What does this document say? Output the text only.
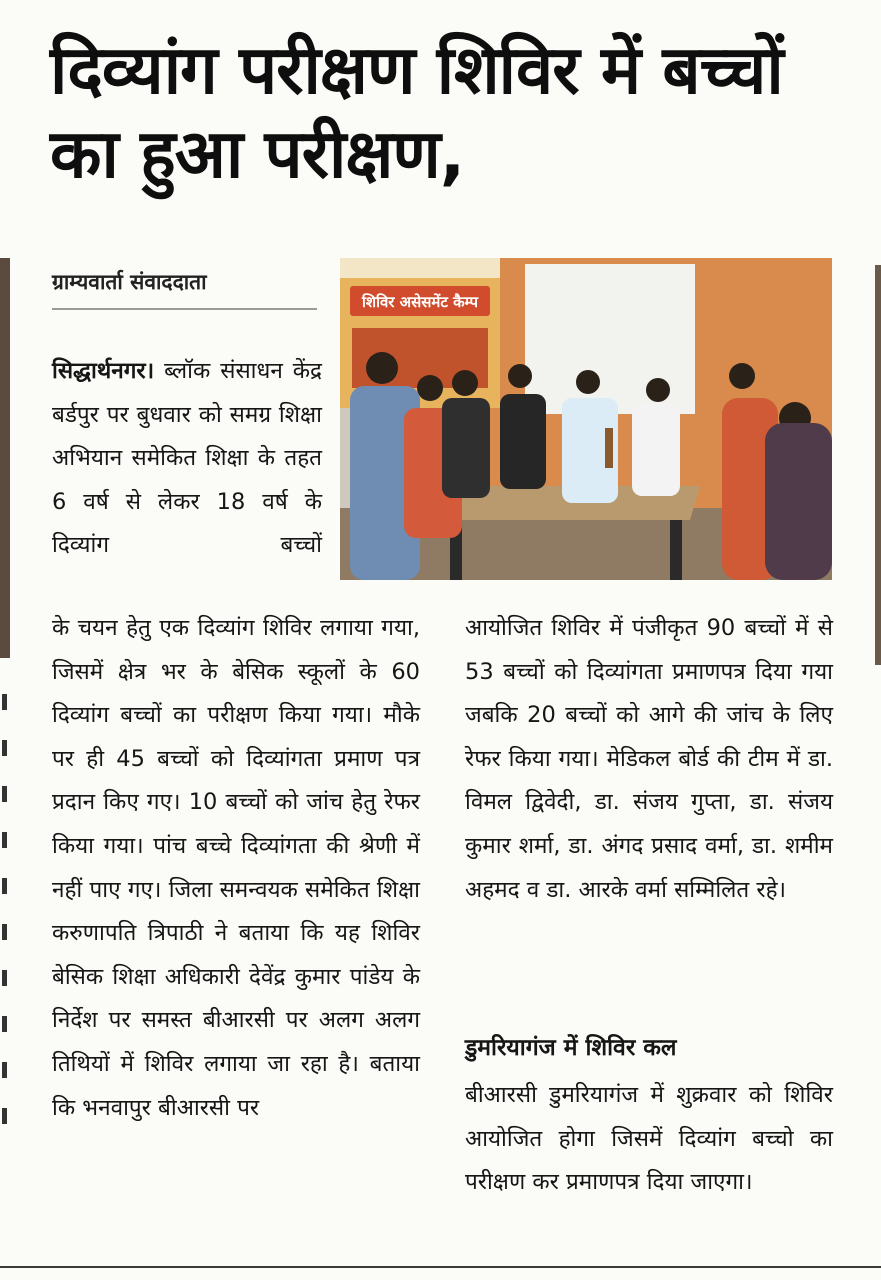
दिव्यांग परीक्षण शिविर में बच्चों का हुआ परीक्षण,
ग्राम्यवार्ता संवाददाता
शिविर असेसमेंट कैम्प

सिद्धार्थनगर। ब्लॉक संसाधन केंद्र बर्डपुर पर बुधवार को समग्र शिक्षा अभियान समेकित शिक्षा के तहत 6 वर्ष से लेकर 18 वर्ष के दिव्यांग बच्चों

के चयन हेतु एक दिव्यांग शिविर लगाया गया, जिसमें क्षेत्र भर के बेसिक स्कूलों के 60 दिव्यांग बच्चों का परीक्षण किया गया। मौके पर ही 45 बच्चों को दिव्यांगता प्रमाण पत्र प्रदान किए गए। 10 बच्चों को जांच हेतु रेफर किया गया। पांच बच्चे दिव्यांगता की श्रेणी में नहीं पाए गए। जिला समन्वयक समेकित शिक्षा करुणापति त्रिपाठी ने बताया कि यह शिविर बेसिक शिक्षा अधिकारी देवेंद्र कुमार पांडेय के निर्देश पर समस्त बीआरसी पर अलग अलग तिथियों में शिविर लगाया जा रहा है। बताया कि भनवापुर बीआरसी पर

आयोजित शिविर में पंजीकृत 90 बच्चों में से 53 बच्चों को दिव्यांगता प्रमाणपत्र दिया गया जबकि 20 बच्चों को आगे की जांच के लिए रेफर किया गया। मेडिकल बोर्ड की टीम में डा. विमल द्विवेदी, डा. संजय गुप्ता, डा. संजय कुमार शर्मा, डा. अंगद प्रसाद वर्मा, डा. शमीम अहमद व डा. आरके वर्मा सम्मिलित रहे।

डुमरियागंज में शिविर कल

बीआरसी डुमरियागंज में शुक्रवार को शिविर आयोजित होगा जिसमें दिव्यांग बच्चो का परीक्षण कर प्रमाणपत्र दिया जाएगा।
